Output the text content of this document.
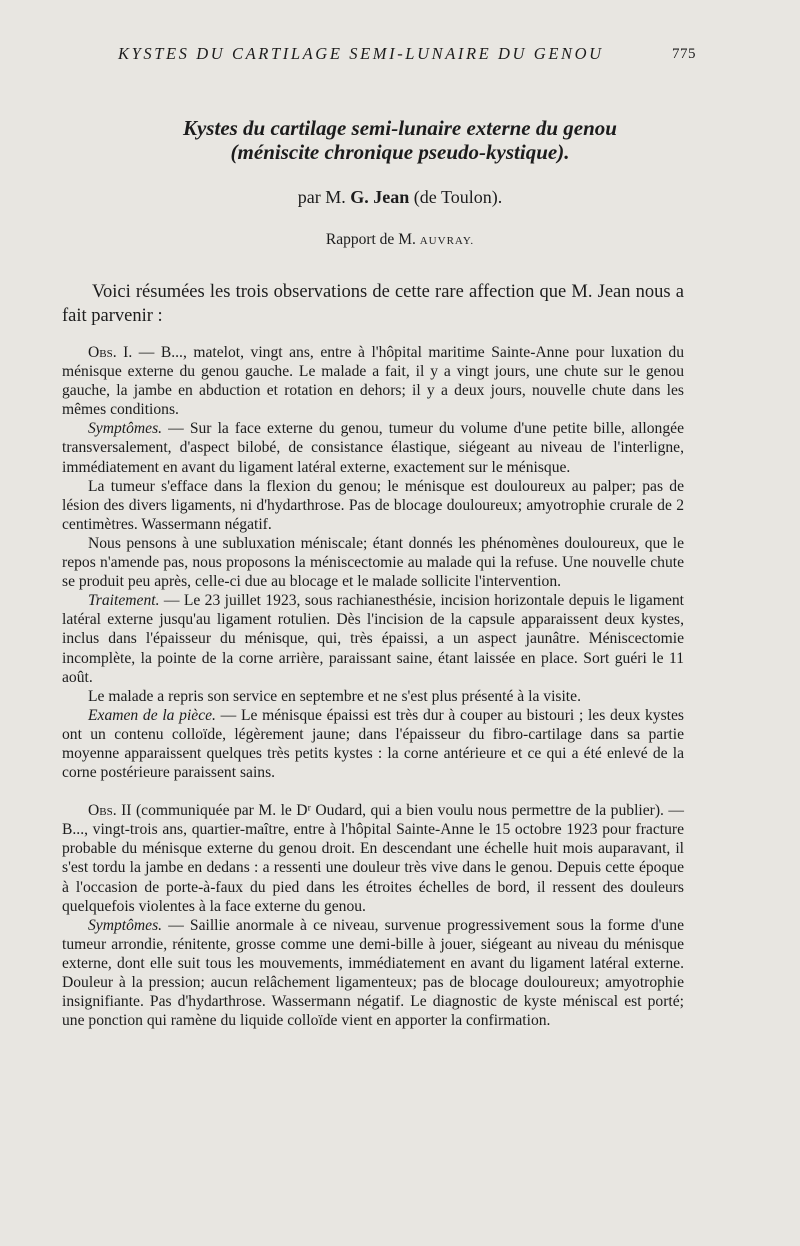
KYSTES DU CARTILAGE SEMI-LUNAIRE DU GENOU	775
Kystes du cartilage semi-lunaire externe du genou
(méniscite chronique pseudo-kystique).
par M. G. Jean (de Toulon).
Rapport de M. AUVRAY.

Voici résumées les trois observations de cette rare affection que M. Jean nous a fait parvenir :

Obs. I. — B..., matelot, vingt ans, entre à l'hôpital maritime Sainte-Anne pour luxation du ménisque externe du genou gauche. Le malade a fait, il y a vingt jours, une chute sur le genou gauche, la jambe en abduction et rotation en dehors; il y a deux jours, nouvelle chute dans les mêmes conditions.

Symptômes. — Sur la face externe du genou, tumeur du volume d'une petite bille, allongée transversalement, d'aspect bilobé, de consistance élastique, siégeant au niveau de l'interligne, immédiatement en avant du ligament latéral externe, exactement sur le ménisque.

La tumeur s'efface dans la flexion du genou; le ménisque est douloureux au palper; pas de lésion des divers ligaments, ni d'hydarthrose. Pas de blocage douloureux; amyotrophie crurale de 2 centimètres. Wassermann négatif.

Nous pensons à une subluxation méniscale; étant donnés les phénomènes douloureux, que le repos n'amende pas, nous proposons la méniscectomie au malade qui la refuse. Une nouvelle chute se produit peu après, celle-ci due au blocage et le malade sollicite l'intervention.

Traitement. — Le 23 juillet 1923, sous rachianesthésie, incision horizontale depuis le ligament latéral externe jusqu'au ligament rotulien. Dès l'incision de la capsule apparaissent deux kystes, inclus dans l'épaisseur du ménisque, qui, très épaissi, a un aspect jaunâtre. Méniscectomie incomplète, la pointe de la corne arrière, paraissant saine, étant laissée en place. Sort guéri le 11 août.

Le malade a repris son service en septembre et ne s'est plus présenté à la visite.

Examen de la pièce. — Le ménisque épaissi est très dur à couper au bistouri ; les deux kystes ont un contenu colloïde, légèrement jaune; dans l'épaisseur du fibro-cartilage dans sa partie moyenne apparaissent quelques très petits kystes : la corne antérieure et ce qui a été enlevé de la corne postérieure paraissent sains.

Obs. II (communiquée par M. le Dʳ Oudard, qui a bien voulu nous permettre de la publier). — B..., vingt-trois ans, quartier-maître, entre à l'hôpital Sainte-Anne le 15 octobre 1923 pour fracture probable du ménisque externe du genou droit. En descendant une échelle huit mois auparavant, il s'est tordu la jambe en dedans : a ressenti une douleur très vive dans le genou. Depuis cette époque à l'occasion de porte-à-faux du pied dans les étroites échelles de bord, il ressent des douleurs quelquefois violentes à la face externe du genou.

Symptômes. — Saillie anormale à ce niveau, survenue progressivement sous la forme d'une tumeur arrondie, rénitente, grosse comme une demi-bille à jouer, siégeant au niveau du ménisque externe, dont elle suit tous les mouvements, immédiatement en avant du ligament latéral externe. Douleur à la pression; aucun relâchement ligamenteux; pas de blocage douloureux; amyotrophie insignifiante. Pas d'hydarthrose. Wassermann négatif. Le diagnostic de kyste méniscal est porté; une ponction qui ramène du liquide colloïde vient en apporter la confirmation.
